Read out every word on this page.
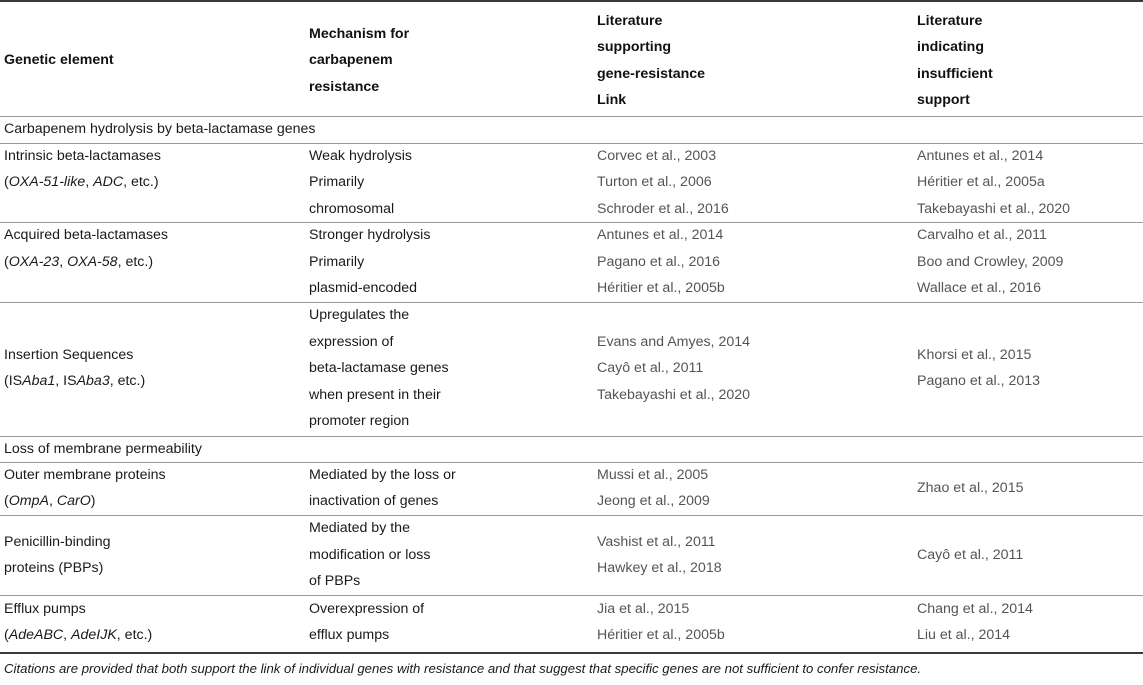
Genetic element
Mechanism for
carbapenem
resistance
Literature
supporting
gene-resistance
Link
Literature
indicating
insufficient
support
Carbapenem hydrolysis by beta-lactamase genes
Intrinsic beta-lactamases
(OXA-51-like, ADC, etc.)
Weak hydrolysis
Primarily
chromosomal
Corvec et al., 2003
Turton et al., 2006
Schroder et al., 2016
Antunes et al., 2014
Héritier et al., 2005a
Takebayashi et al., 2020
Acquired beta-lactamases
(OXA-23, OXA-58, etc.)
Stronger hydrolysis
Primarily
plasmid-encoded
Antunes et al., 2014
Pagano et al., 2016
Héritier et al., 2005b
Carvalho et al., 2011
Boo and Crowley, 2009
Wallace et al., 2016
Insertion Sequences
(ISAba1, ISAba3, etc.)
Upregulates the
expression of
beta-lactamase genes
when present in their
promoter region
Evans and Amyes, 2014
Cayô et al., 2011
Takebayashi et al., 2020
Khorsi et al., 2015
Pagano et al., 2013
Loss of membrane permeability
Outer membrane proteins
(OmpA, CarO)
Mediated by the loss or
inactivation of genes
Mussi et al., 2005
Jeong et al., 2009
Zhao et al., 2015
Penicillin-binding
proteins (PBPs)
Mediated by the
modification or loss
of PBPs
Vashist et al., 2011
Hawkey et al., 2018
Cayô et al., 2011
Efflux pumps
(AdeABC, AdeIJK, etc.)
Overexpression of
efflux pumps
Jia et al., 2015
Héritier et al., 2005b
Chang et al., 2014
Liu et al., 2014
Citations are provided that both support the link of individual genes with resistance and that suggest that specific genes are not sufficient to confer resistance.
